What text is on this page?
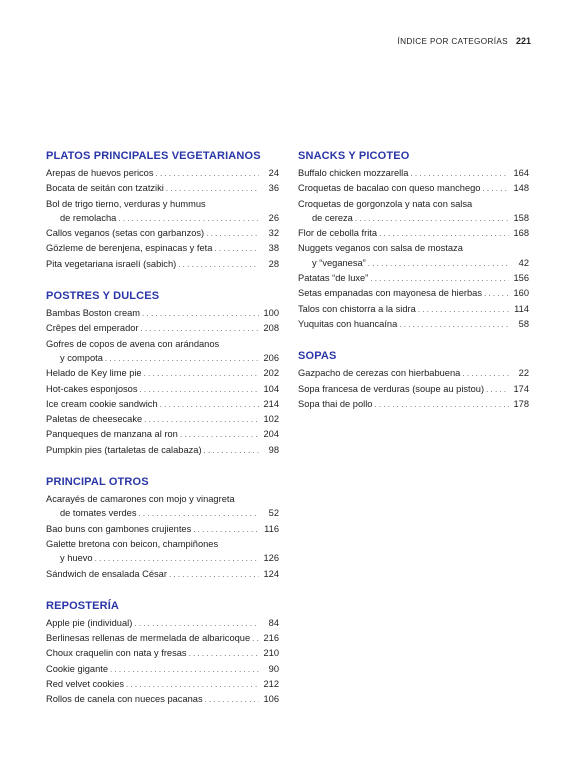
ÍNDICE POR CATEGORÍAS 221
PLATOS PRINCIPALES VEGETARIANOS
Arepas de huevos pericos . . .	24
Bocata de seitán con tzatziki . . .	36
Bol de trigo tierno, verduras y hummus
de remolacha . . .	26
Callos veganos (setas con garbanzos) . . .	32
Gözleme de berenjena, espinacas y feta . . .	38
Pita vegetariana israelí (sabich) . . .	28
POSTRES Y DULCES
Bambas Boston cream . . .	100
Crêpes del emperador . . .	208
Gofres de copos de avena con arándanos
y compota . . .	206
Helado de Key lime pie . . .	202
Hot-cakes esponjosos . . .	104
Ice cream cookie sandwich . . .	214
Paletas de cheesecake . . .	102
Panqueques de manzana al ron . . .	204
Pumpkin pies (tartaletas de calabaza) . . .	98
PRINCIPAL OTROS
Acarayés de camarones con mojo y vinagreta
de tomates verdes . . .	52
Bao buns con gambones crujientes . . .	116
Galette bretona con beicon, champiñones
y huevo . . .	126
Sándwich de ensalada César . . .	124
REPOSTERÍA
Apple pie (individual) . . .	84
Berlinesas rellenas de mermelada de albaricoque . . . 216
Choux craquelin con nata y fresas . . .	210
Cookie gigante . . .	90
Red velvet cookies . . .	212
Rollos de canela con nueces pacanas . . .	106
SNACKS Y PICOTEO
Buffalo chicken mozzarella . . .	164
Croquetas de bacalao con queso manchego . . .	148
Croquetas de gorgonzola y nata con salsa
de cereza . . .	158
Flor de cebolla frita . . .	168
Nuggets veganos con salsa de mostaza
y “veganesa” . . .	42
Patatas “de luxe” . . .	156
Setas empanadas con mayonesa de hierbas . . .	160
Talos con chistorra a la sidra . . .	114
Yuquitas con huancaína . . .	58
SOPAS
Gazpacho de cerezas con hierbabuena . . .	22
Sopa francesa de verduras (soupe au pistou) . . .	174
Sopa thai de pollo . . .	178
